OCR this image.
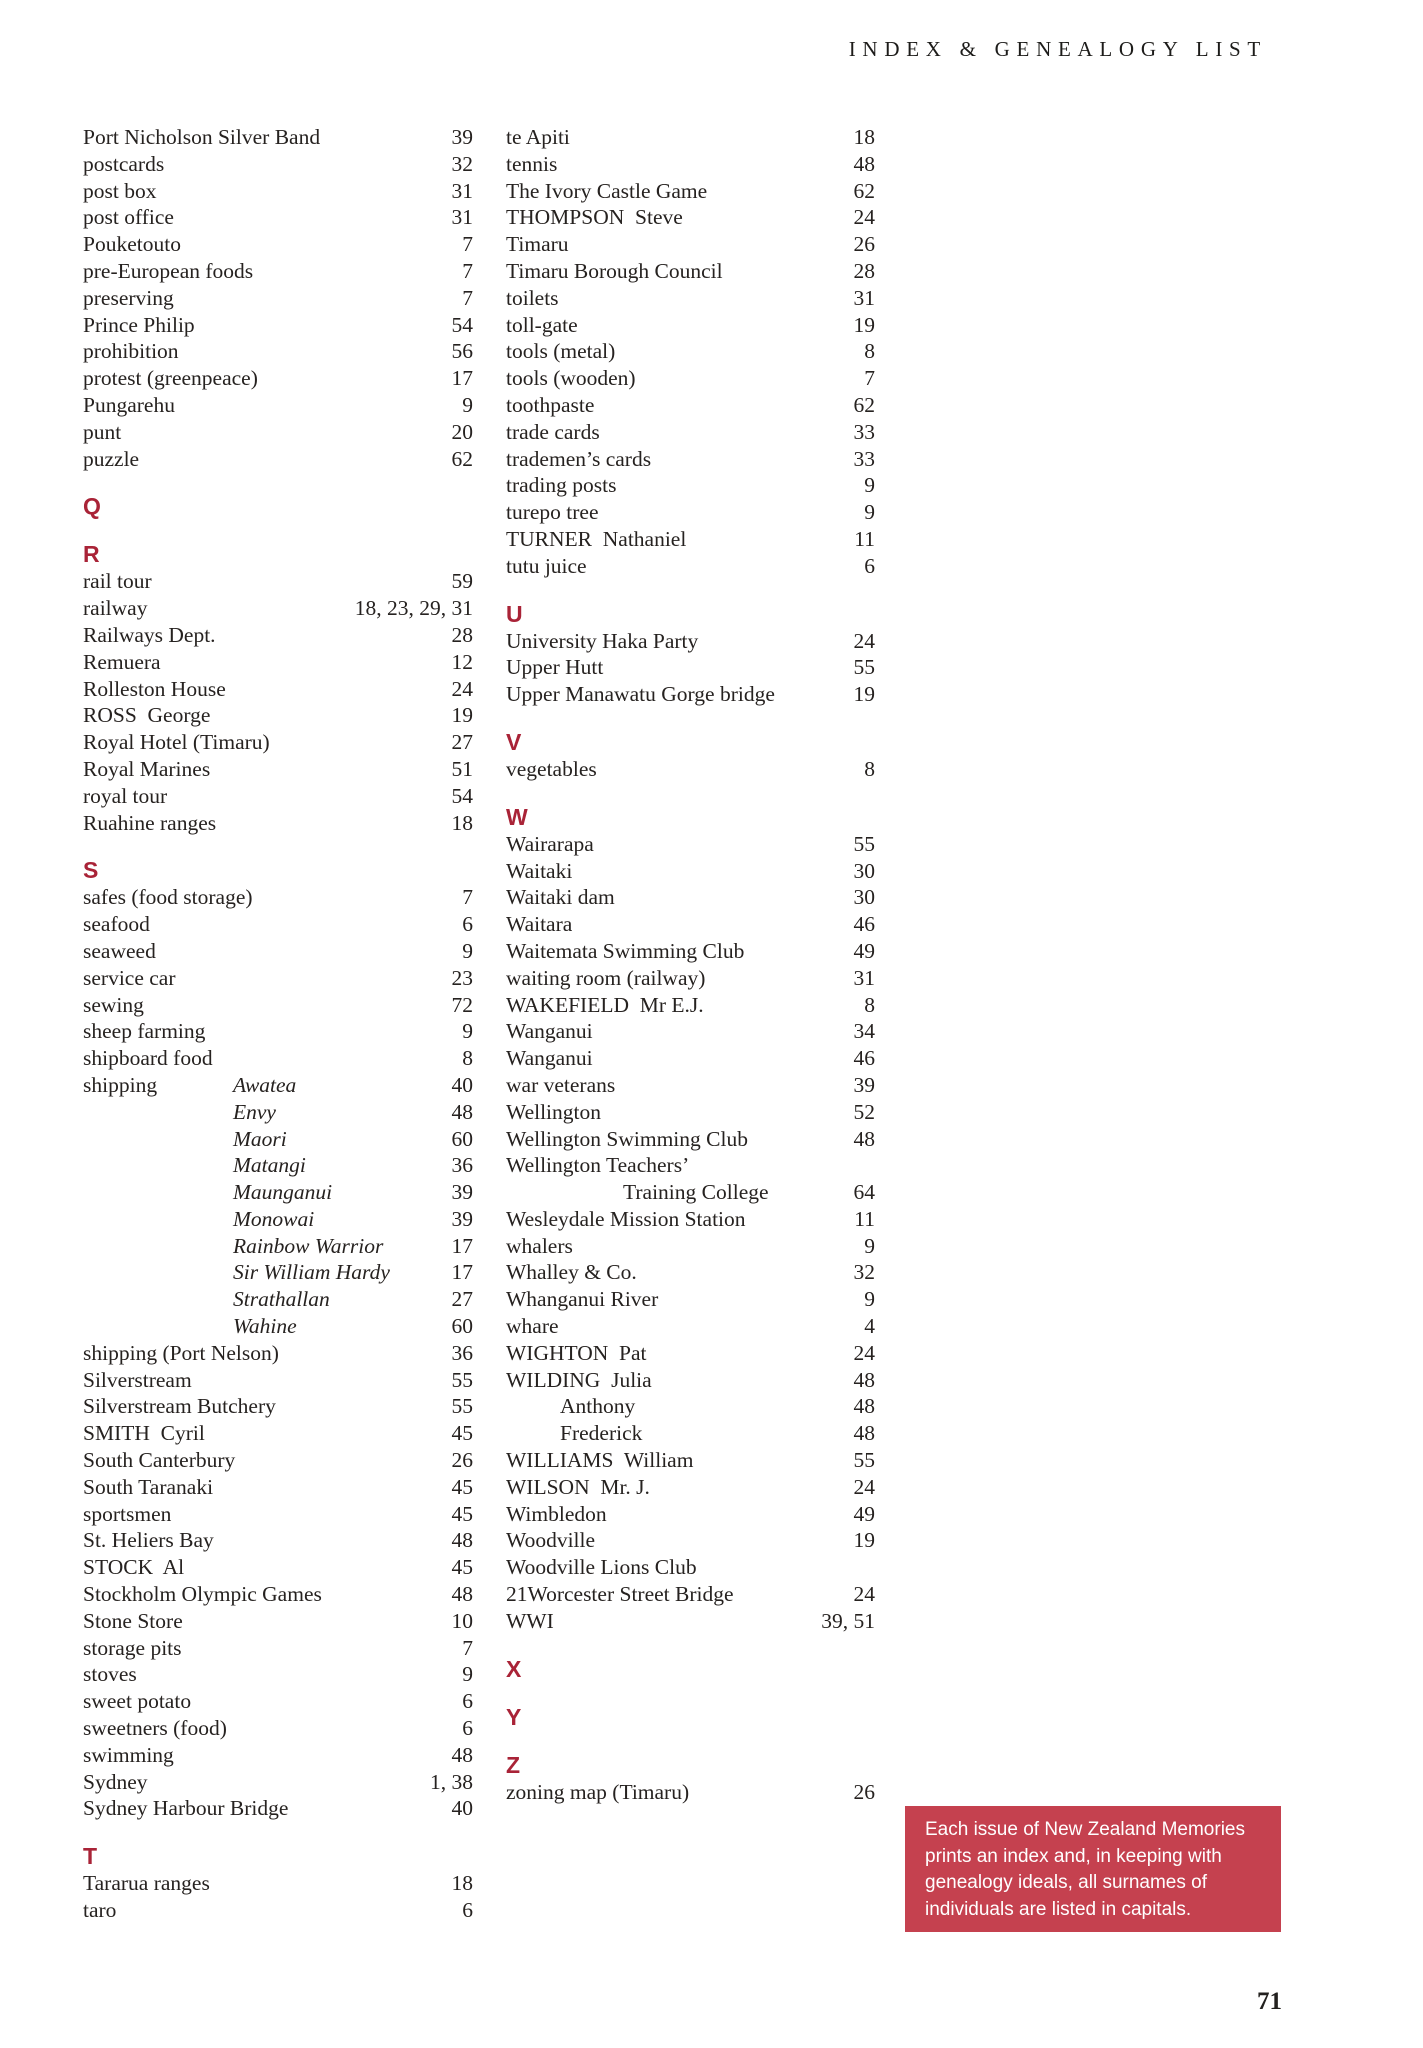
INDEX & GENEALOGY LIST
Port Nicholson Silver Band	39
postcards	32
post box	31
post office	31
Pouketouto	7
pre-European foods	7
preserving	7
Prince Philip	54
prohibition	56
protest (greenpeace)	17
Pungarehu	9
punt	20
puzzle	62
Q
R
rail tour	59
railway	18, 23, 29, 31
Railways Dept.	28
Remuera	12
Rolleston House	24
ROSS  George	19
Royal Hotel (Timaru)	27
Royal Marines	51
royal tour	54
Ruahine ranges	18
S
safes (food storage)	7
seafood	6
seaweed	9
service car	23
sewing	72
sheep farming	9
shipboard food	8
shipping	Awatea	40
Envy	48
Maori	60
Matangi	36
Maunganui	39
Monowai	39
Rainbow Warrior	17
Sir William Hardy	17
Strathallan	27
Wahine	60
shipping (Port Nelson)	36
Silverstream	55
Silverstream Butchery	55
SMITH  Cyril	45
South Canterbury	26
South Taranaki	45
sportsmen	45
St. Heliers Bay	48
STOCK  Al	45
Stockholm Olympic Games	48
Stone Store	10
storage pits	7
stoves	9
sweet potato	6
sweetners (food)	6
swimming	48
Sydney	1, 38
Sydney Harbour Bridge	40
T
Tararua ranges	18
taro	6
te Apiti	18
tennis	48
The Ivory Castle Game	62
THOMPSON  Steve	24
Timaru	26
Timaru Borough Council	28
toilets	31
toll-gate	19
tools (metal)	8
tools (wooden)	7
toothpaste	62
trade cards	33
trademen’s cards	33
trading posts	9
turepo tree	9
TURNER  Nathaniel	11
tutu juice	6
U
University Haka Party	24
Upper Hutt	55
Upper Manawatu Gorge bridge	19
V
vegetables	8
W
Wairarapa	55
Waitaki	30
Waitaki dam	30
Waitara	46
Waitemata Swimming Club	49
waiting room (railway)	31
WAKEFIELD  Mr E.J.	8
Wanganui	34
Wanganui	46
war veterans	39
Wellington	52
Wellington Swimming Club	48
Wellington Teachers’
Training College	64
Wesleydale Mission Station	11
whalers	9
Whalley & Co.	32
Whanganui River	9
whare	4
WIGHTON  Pat	24
WILDING  Julia	48
Anthony	48
Frederick	48
WILLIAMS  William	55
WILSON  Mr. J.	24
Wimbledon	49
Woodville	19
Woodville Lions Club
21Worcester Street Bridge	24
WWI	39, 51
X
Y
Z
zoning map (Timaru)	26
Each issue of New Zealand Memories prints an index and, in keeping with genealogy ideals, all surnames of individuals are listed in capitals.
71
